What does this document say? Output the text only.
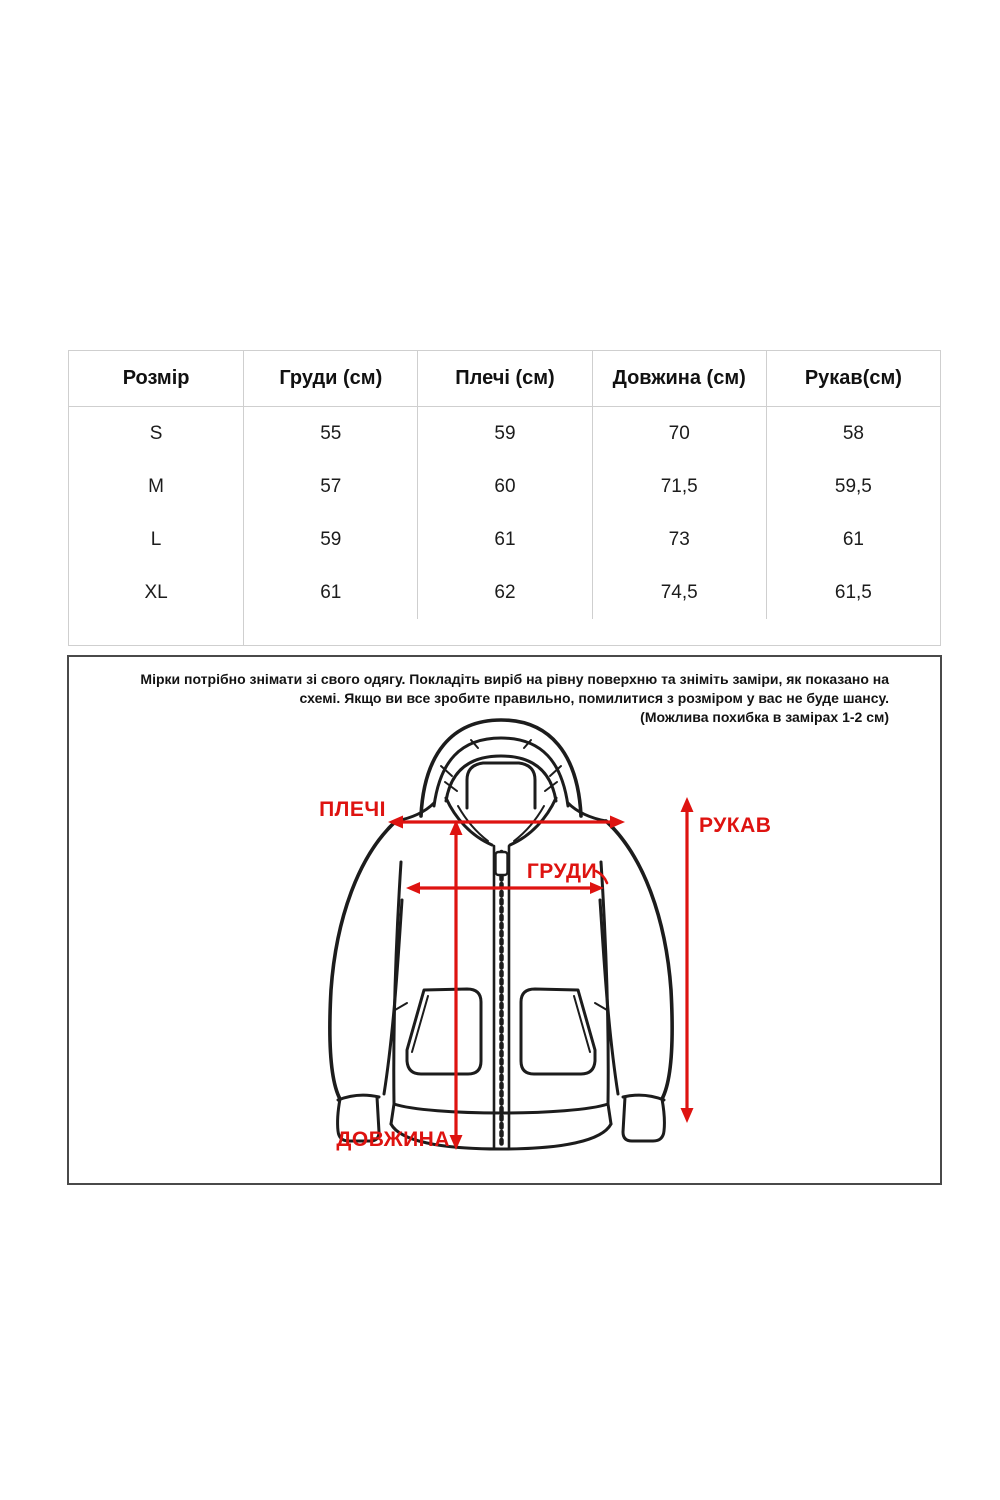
Розмір	Груди (см)	Плечі (см)	Довжина (см)	Рукав(см)
S	55	59	70	58
M	57	60	71,5	59,5
L	59	61	73	61
XL	61	62	74,5	61,5
Мірки потрібно знімати зі свого одягу. Покладіть виріб на рівну поверхню та зніміть заміри, як показано на
схемі. Якщо ви все зробите правильно, помилитися з розміром у вас не буде шансу.
(Можлива похибка в замірах 1-2 см)
ПЛЕЧІ
ГРУДИ
РУКАВ
ДОВЖИНА
